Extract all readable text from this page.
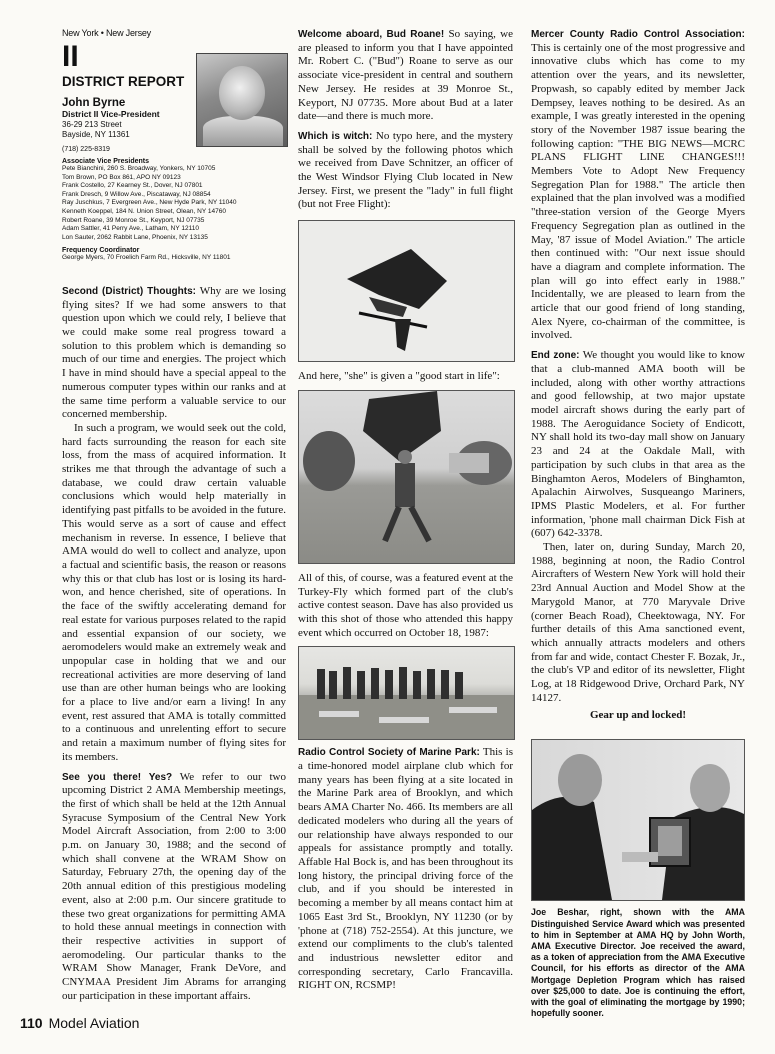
New York • New Jersey
II
DISTRICT REPORT
John Byrne
District II Vice-President
36-29 213 Street
Bayside, NY 11361
(718) 225-8319
Associate Vice Presidents
Pete Bianchini, 260 S. Broadway, Yonkers, NY 10705
Tom Brown, PO Box 861, APO NY 09123
Frank Costello, 27 Kearney St., Dover, NJ 07801
Frank Dresch, 9 Willow Ave., Piscataway, NJ 08854
Ray Juschkus, 7 Evergreen Ave., New Hyde Park, NY 11040
Kenneth Koeppel, 184 N. Union Street, Olean, NY 14760
Robert Roane, 39 Monroe St., Keyport, NJ 07735
Adam Sattler, 41 Perry Ave., Latham, NY 12110
Lon Sauter, 2062 Rabbit Lane, Phoenix, NY 13135
Frequency Coordinator
George Myers, 70 Froelich Farm Rd., Hicksville, NY 11801

Second (District) Thoughts: Why are we losing flying sites? If we had some answers to that question upon which we could rely, I believe that we could make some real progress toward a solution to this problem which is demanding so much of our time and energies. The project which I have in mind should have a special appeal to the numerous computer types within our ranks and at the same time perform a valuable service to our concerned membership.

In such a program, we would seek out the cold, hard facts surrounding the reason for each site loss, from the mass of acquired information. It strikes me that through the advantage of such a database, we could draw certain valuable conclusions which would help materially in identifying past pitfalls to be avoided in the future. This would serve as a sort of cause and effect mechanism in reverse. In essence, I believe that AMA would do well to collect and analyze, upon a factual and scientific basis, the reason or reasons why this or that club has lost or is losing its hard-won, and hence cherished, site of operations. In the face of the swiftly accelerating demand for real estate for various purposes related to the rapid and essential expansion of our society, we aeromodelers would make an extremely weak and unpopular case in holding that we and our recreational activities are more deserving of land use than are other human beings who are looking for a place to live and/or earn a living! In any event, rest assured that AMA is totally committed to a continuous and unrelenting effort to secure and retain a maximum number of flying sites for its members.

See you there! Yes? We refer to our two upcoming District 2 AMA Membership meetings, the first of which shall be held at the 12th Annual Syracuse Symposium of the Central New York Model Aircraft Association, from 2:00 to 3:00 p.m. on January 30, 1988; and the second of which shall convene at the WRAM Show on Saturday, February 27th, the opening day of the 20th annual edition of this prestigious modeling event, also at 2:00 p.m. Our sincere gratitude to these two great organizations for permitting AMA to hold these annual meetings in connection with their respective activities in support of aeromodeling. Our particular thanks to the WRAM Show Manager, Frank DeVore, and CNYMAA President Jim Abrams for arranging our participation in these important affairs.

Welcome aboard, Bud Roane! So saying, we are pleased to inform you that I have appointed Mr. Robert C. ("Bud") Roane to serve as our associate vice-president in central and southern New Jersey. He resides at 39 Monroe St., Keyport, NJ 07735. More about Bud at a later date—and there is much more.

Which is witch: No typo here, and the mystery shall be solved by the following photos which we received from Dave Schnitzer, an officer of the West Windsor Flying Club located in New Jersey. First, we present the "lady" in full flight (but not Free Flight):

And here, "she" is given a "good start in life":

All of this, of course, was a featured event at the Turkey-Fly which formed part of the club's active contest season. Dave has also provided us with this shot of those who attended this happy event which occurred on October 18, 1987:

Radio Control Society of Marine Park: This is a time-honored model airplane club which for many years has been flying at a site located in the Marine Park area of Brooklyn, and which bears AMA Charter No. 466. Its members are all dedicated modelers who during all the years of our relationship have always responded to our appeals for assistance promptly and totally. Affable Hal Bock is, and has been throughout its long history, the principal driving force of the club, and if you should be interested in becoming a member by all means contact him at 1065 East 3rd St., Brooklyn, NY 11230 (or by 'phone at (718) 752-2554). At this juncture, we extend our compliments to the club's talented and industrious newsletter editor and corresponding secretary, Carlo Francavilla. RIGHT ON, RCSMP!

Mercer County Radio Control Association: This is certainly one of the most progressive and innovative clubs which has come to my attention over the years, and its newsletter, Propwash, so capably edited by member Jack Dempsey, leaves nothing to be desired. As an example, I was greatly interested in the opening story of the November 1987 issue bearing the following caption: "THE BIG NEWS—MCRC PLANS FLIGHT LINE CHANGES!!! Members Vote to Adopt New Frequency Segregation Plan for 1988." The article then explained that the plan involved was a modified "three-station version of the George Myers Frequency Segregation plan as outlined in the May, '87 issue of Model Aviation." The article then continued with: "Our next issue should have a diagram and complete information. The plan will go into effect early in 1988." Incidentally, we are pleased to learn from the article that our good friend of long standing, Alex Nyere, co-chairman of the committee, is involved.

End zone: We thought you would like to know that a club-manned AMA booth will be included, along with other worthy attractions and good fellowship, at two major upstate model aircraft shows during the early part of 1988. The Aeroguidance Society of Endicott, NY shall hold its two-day mall show on January 23 and 24 at the Oakdale Mall, with participation by such clubs in that area as the Binghamton Aeros, Modelers of Binghamton, Apalachin Airwolves, Susqueango Mariners, IPMS Plastic Modelers, et al. For further information, 'phone mall chairman Dick Fish at (607) 642-3378.

Then, later on, during Sunday, March 20, 1988, beginning at noon, the Radio Control Aircrafters of Western New York will hold their 23rd Annual Auction and Model Show at the Marygold Manor, at 770 Maryvale Drive (corner Beach Road), Cheektowaga, NY. For further details of this Ama sanctioned event, which annually attracts modelers and others from far and wide, contact Chester F. Bozak, Jr., the club's VP and editor of its newsletter, Flight Log, at 18 Ridgewood Drive, Orchard Park, NY 14127.

Gear up and locked!
Joe Beshar, right, shown with the AMA Distinguished Service Award which was presented to him in September at AMA HQ by John Worth, AMA Executive Director. Joe received the award, as a token of appreciation from the AMA Executive Council, for his efforts as director of the AMA Mortgage Depletion Program which has raised over $25,000 to date. Joe is continuing the effort, with the goal of eliminating the mortgage by 1990; hopefully sooner.
110 Model Aviation
